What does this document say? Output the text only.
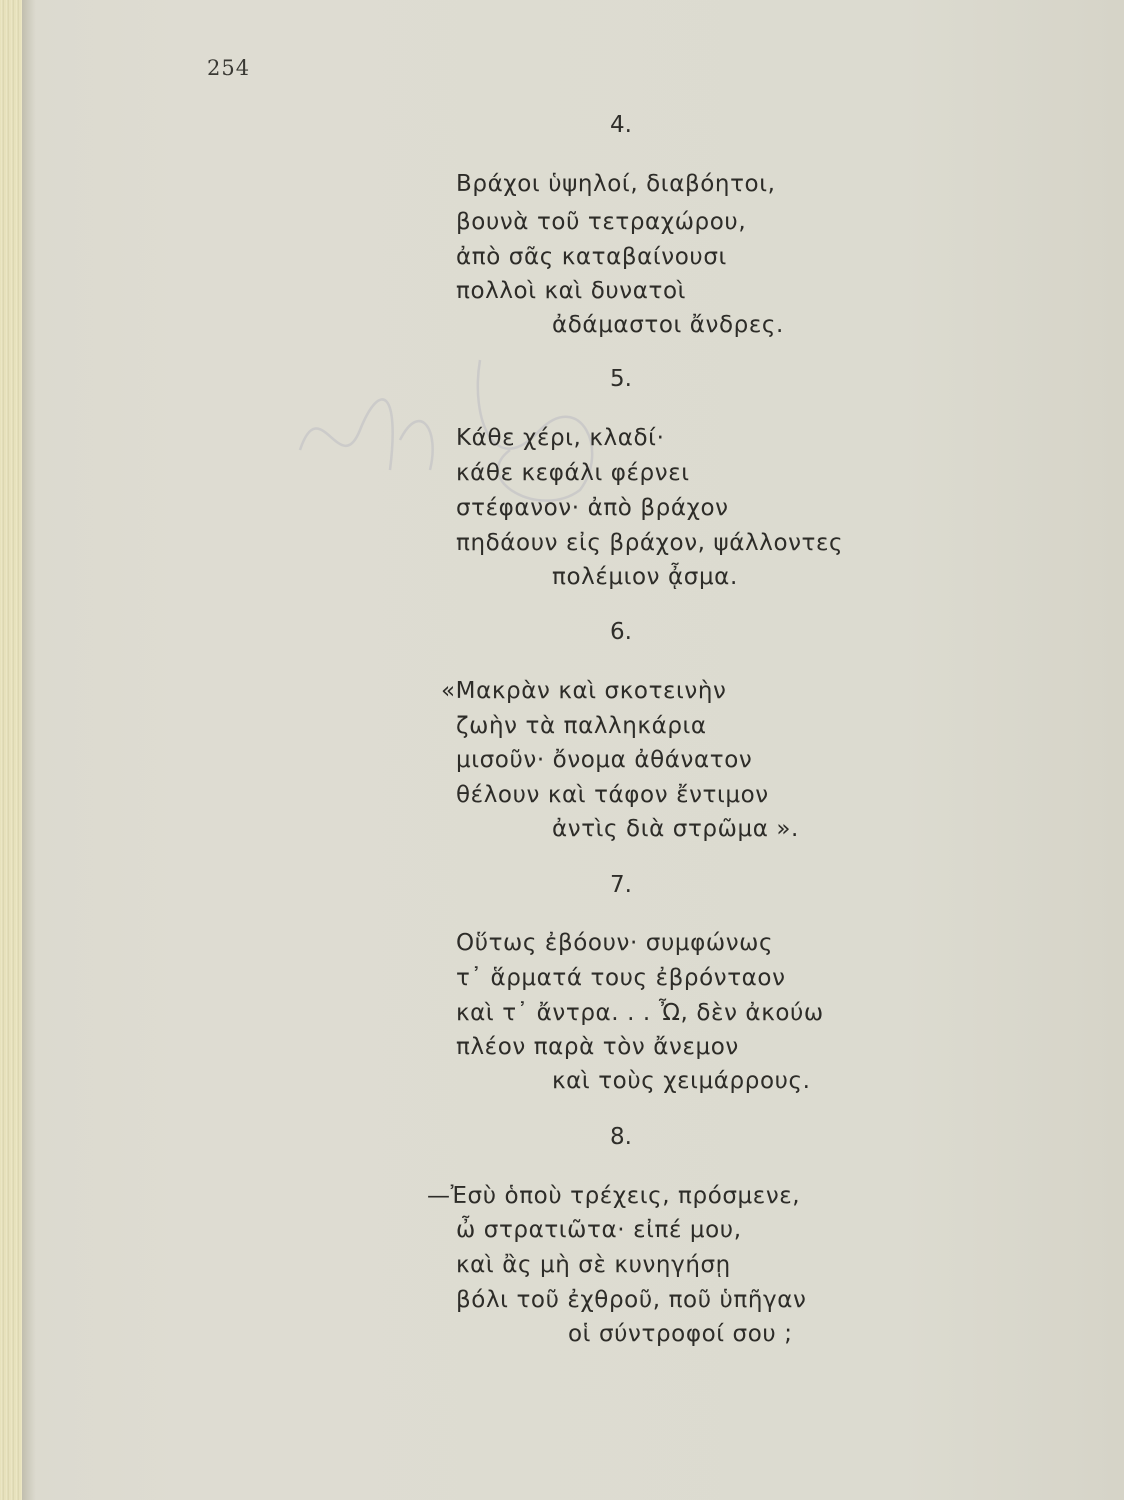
254
4.
Βράχοι ὑψηλοί, διαβόητοι,
βουνὰ τοῦ τετραχώρου,
ἀπὸ σᾶς καταβαίνουσι
πολλοὶ καὶ δυνατοὶ
ἀδάμαστοι ἄνδρες.
5.
Κάθε χέρι, κλαδί·
κάθε κεφάλι φέρνει
στέφανον· ἀπὸ βράχον
πηδάουν εἰς βράχον, ψάλλοντες
πολέμιον ᾆσμα.
6.
«Μακρὰν καὶ σκοτεινὴν
ζωὴν τὰ παλληκάρια
μισοῦν· ὄνομα ἀθάνατον
θέλουν καὶ τάφον ἔντιμον
ἀντὶς διὰ στρῶμα ».
7.
Οὕτως ἐβόουν· συμφώνως
τ᾿ ἅρματά τους ἐβρόνταον
καὶ τ᾿ ἄντρα. . . Ὦ, δὲν ἀκούω
πλέον παρὰ τὸν ἄνεμον
καὶ τοὺς χειμάρρους.
8.
—Ἐσὺ ὁποὺ τρέχεις, πρόσμενε,
ὦ στρατιῶτα· εἰπέ μου,
καὶ ἂς μὴ σὲ κυνηγήσῃ
βόλι τοῦ ἐχθροῦ, ποῦ ὑπῆγαν
οἱ σύντροφοί σου ;
